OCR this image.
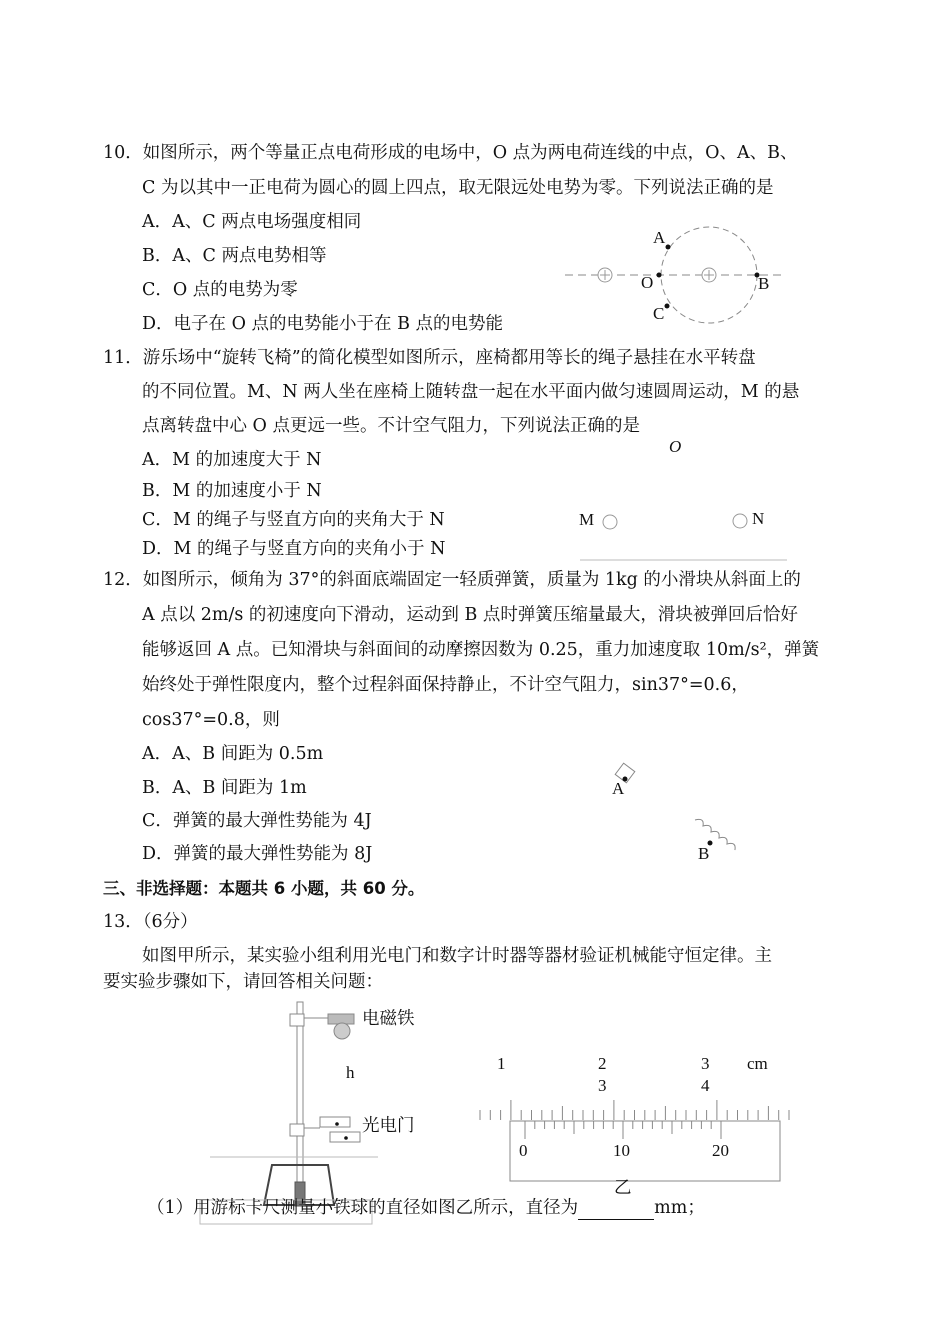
10．如图所示，两个等量正点电荷形成的电场中，O 点为两电荷连线的中点，O、A、B、
C 为以其中一正电荷为圆心的圆上四点，取无限远处电势为零。下列说法正确的是
A．A、C 两点电场强度相同
B．A、C 两点电势相等
C．O 点的电势为零
D．电子在 O 点的电势能小于在 B 点的电势能
A
O	B
C
11．游乐场中“旋转飞椅”的简化模型如图所示，座椅都用等长的绳子悬挂在水平转盘
的不同位置。M、N 两人坐在座椅上随转盘一起在水平面内做匀速圆周运动，M 的悬
点离转盘中心 O 点更远一些。不计空气阻力，下列说法正确的是
A．M 的加速度大于 N
B．M 的加速度小于 N
C．M 的绳子与竖直方向的夹角大于 N
D．M 的绳子与竖直方向的夹角小于 N
O
M	N
12．如图所示，倾角为 37°的斜面底端固定一轻质弹簧，质量为 1kg 的小滑块从斜面上的
A 点以 2m/s 的初速度向下滑动，运动到 B 点时弹簧压缩量最大，滑块被弹回后恰好
能够返回 A 点。已知滑块与斜面间的动摩擦因数为 0.25，重力加速度取 10m/s²，弹簧
始终处于弹性限度内，整个过程斜面保持静止，不计空气阻力，sin37°=0.6，
cos37°=0.8，则
A．A、B 间距为 0.5m
B．A、B 间距为 1m
C．弹簧的最大弹性势能为 4J
D．弹簧的最大弹性势能为 8J
A
B
三、非选择题：本题共 6 小题，共 60 分。
13．（6分）
如图甲所示，某实验小组利用光电门和数字计时器等器材验证机械能守恒定律。主
要实验步骤如下，请回答相关问题：
电磁铁
h
光电门
1	2	3
3	4
cm
0	10	20
乙
（1）用游标卡尺测量小铁球的直径如图乙所示，直径为	mm；
